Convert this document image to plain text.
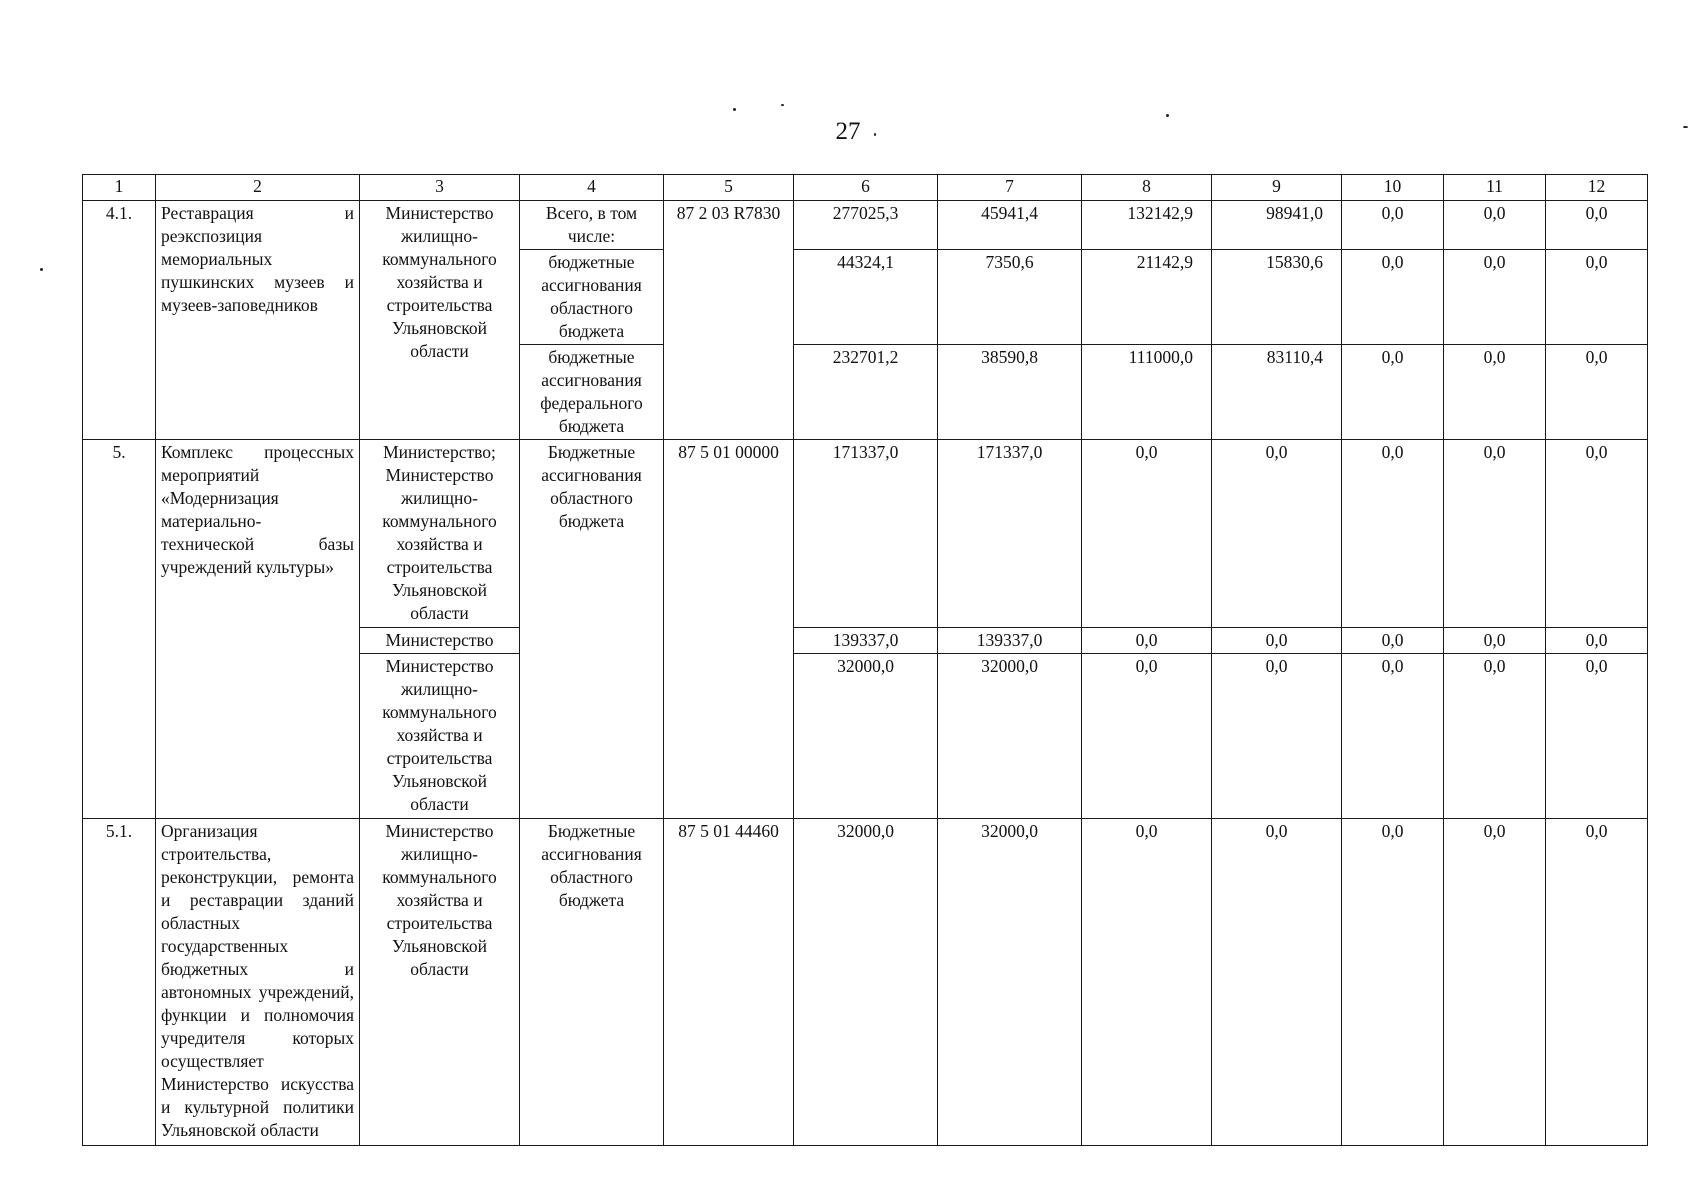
27
1	2	3	4	5	6	7	8	9	10	11	12
4.1.	Реставрация и реэкспозиция мемориальных пушкинских музеев и музеев-заповедников	Министерство жилищно-коммунального хозяйства и строительства Ульяновской области	Всего, в том числе:	87 2 03 R7830	277025,3	45941,4	132142,9	98941,0	0,0	0,0	0,0
			бюджетные ассигнования областного бюджета		44324,1	7350,6	21142,9	15830,6	0,0	0,0	0,0
			бюджетные ассигнования федерального бюджета		232701,2	38590,8	111000,0	83110,4	0,0	0,0	0,0
5.	Комплекс процессных мероприятий «Модернизация материально-технической базы учреждений культуры»	Министерство; Министерство жилищно-коммунального хозяйства и строительства Ульяновской области	Бюджетные ассигнования областного бюджета	87 5 01 00000	171337,0	171337,0	0,0	0,0	0,0	0,0	0,0
		Министерство			139337,0	139337,0	0,0	0,0	0,0	0,0	0,0
		Министерство жилищно-коммунального хозяйства и строительства Ульяновской области			32000,0	32000,0	0,0	0,0	0,0	0,0	0,0
5.1.	Организация строительства, реконструкции, ремонта и реставрации зданий областных государственных бюджетных и автономных учреждений, функции и полномочия учредителя которых осуществляет Министерство искусства и культурной политики Ульяновской области	Министерство жилищно-коммунального хозяйства и строительства Ульяновской области	Бюджетные ассигнования областного бюджета	87 5 01 44460	32000,0	32000,0	0,0	0,0	0,0	0,0	0,0
